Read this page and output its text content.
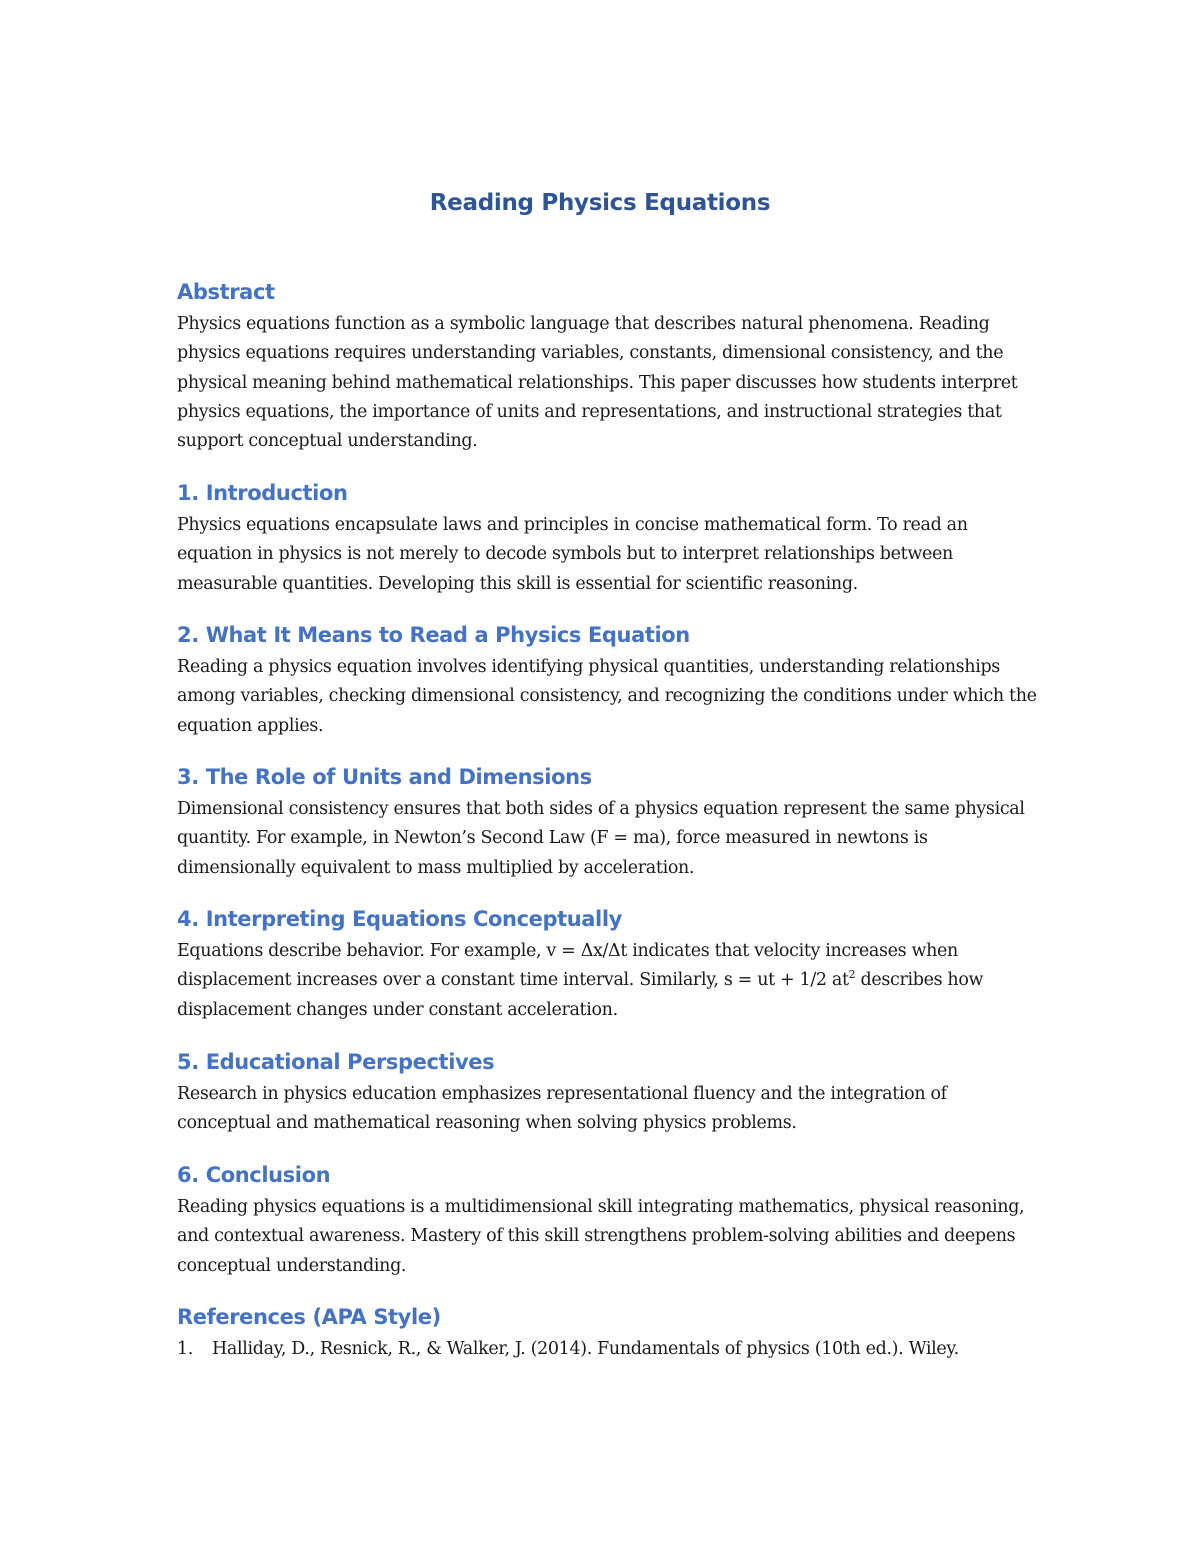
Reading Physics Equations
Abstract

Physics equations function as a symbolic language that describes natural phenomena. Reading physics equations requires understanding variables, constants, dimensional consistency, and the physical meaning behind mathematical relationships. This paper discusses how students interpret physics equations, the importance of units and representations, and instructional strategies that support conceptual understanding.

1. Introduction

Physics equations encapsulate laws and principles in concise mathematical form. To read an equation in physics is not merely to decode symbols but to interpret relationships between measurable quantities. Developing this skill is essential for scientific reasoning.

2. What It Means to Read a Physics Equation

Reading a physics equation involves identifying physical quantities, understanding relationships among variables, checking dimensional consistency, and recognizing the conditions under which the equation applies.

3. The Role of Units and Dimensions

Dimensional consistency ensures that both sides of a physics equation represent the same physical quantity. For example, in Newton’s Second Law (F = ma), force measured in newtons is dimensionally equivalent to mass multiplied by acceleration.

4. Interpreting Equations Conceptually

Equations describe behavior. For example, v = Δx/Δt indicates that velocity increases when displacement increases over a constant time interval. Similarly, s = ut + 1/2 $at^2$ describes how displacement changes under constant acceleration.

5. Educational Perspectives

Research in physics education emphasizes representational fluency and the integration of conceptual and mathematical reasoning when solving physics problems.

6. Conclusion

Reading physics equations is a multidimensional skill integrating mathematics, physical reasoning, and contextual awareness. Mastery of this skill strengthens problem-solving abilities and deepens conceptual understanding.

References (APA Style)
1.	Halliday, D., Resnick, R., & Walker, J. (2014). Fundamentals of physics (10th ed.). Wiley.
